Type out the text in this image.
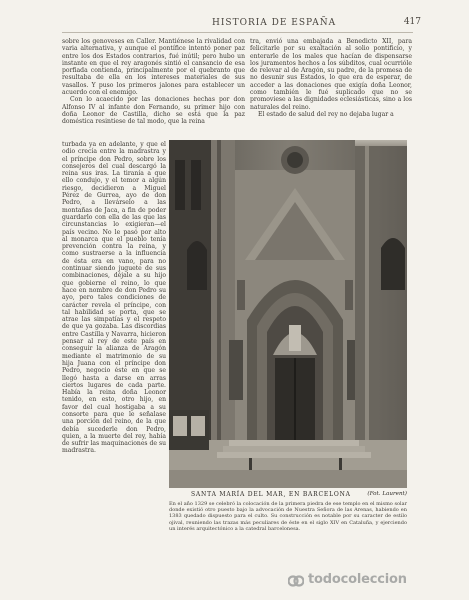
HISTORIA DE ESPAÑA	417

sobre los genoveses en Caller. Mantiénese la rivalidad con varia alternativa, y aunque el pontífice intentó poner paz entre los dos Estados contrarios, fué inútil; pero hubo un instante en que el rey aragonés sintió el cansancio de esa porfiada contienda, principalmente por el quebranto que resultaba de ella en los intereses materiales de sus vasallos. Y puso los primeros jalones para establecer un acuerdo con el enemigo.

Con lo acaecido por las donaciones hechas por don Alfonso IV al infante don Fernando, su primer hijo con doña Leonor de Castilla, dicho se está que la paz doméstica resintiese de tal modo, que la reina

tra, envió una embajada a Benedicto XII, para felicitarle por su exaltación al solio pontificio, y enterarle de los males que hacían de dispensarse los juramentos hechos a los súbditos, cual ocurrióle de relevar al de Aragón, su padre, de la promesa de no desunir sus Estados, lo que era de esperar, de acceder a las donaciones que exigía doña Leonor, como también le fué suplicado que no se promoviese a las dignidades eclesiásticas, sino a los naturales del reino.

El estado de salud del rey no dejaba lugar a

turbada ya en adelante, y que el odio crecía entre la madrastra y el príncipe don Pedro, sobre los consejeros del cual descargó la reina sus iras. La tiranía a que ello condujo, y el temor a algún riesgo, decidieron a Miguel Pérez de Gurrea, ayo de don Pedro, a llevárselo a las montañas de Jaca, a fin de poder guardarlo con ella de las que las circunstancias lo exigieran—el país vecino. No le pasó por alto al monarca que el pueblo tenía prevención contra la reina, y como sustraerse a la influencia de ésta era en vano, para no continuar siendo juguete de sus combinaciones, déjale a su hijo que gobierne el reino, lo que hace en nombre de don Pedro su ayo, pero tales condiciones de carácter revela el príncipe, con tal habilidad se porta, que se atrae las simpatías y el respeto de que ya gozaba. Las discordias entre Castilla y Navarra, hicieron pensar al rey de este país en conseguir la alianza de Aragón mediante el matrimonio de su hija Juana con el príncipe don Pedro, negocio éste en que se llegó hasta a darse en arras ciertos lugares de cada parte. Había la reina doña Leonor tenido, en esto, otro hijo, en favor del cual hostigaba a su consorte para que le señalase una porción del reino, de la que debía sucederle don Pedro, quien, a la muerte del rey, había de sufrir las maquinaciones de su madrastra.

SANTA MARÍA DEL MAR, EN BARCELONA	(Fot. Laurent)
En el año 1329 se celebró la colocación de la primera piedra de ese templo en el mismo solar donde existió otro puesto bajo la advocación de Nuestra Señora de las Arenas, habiendo en 1383 quedado dispuesto para el culto. Su construcción es notable por su caracter de estilo ojival, reuniendo las trazas más peculiares de éste en el siglo XIV en Cataluña, y ejerciendo un interés arquitectónico a la catedral barcelonesa.
todocoleccion
